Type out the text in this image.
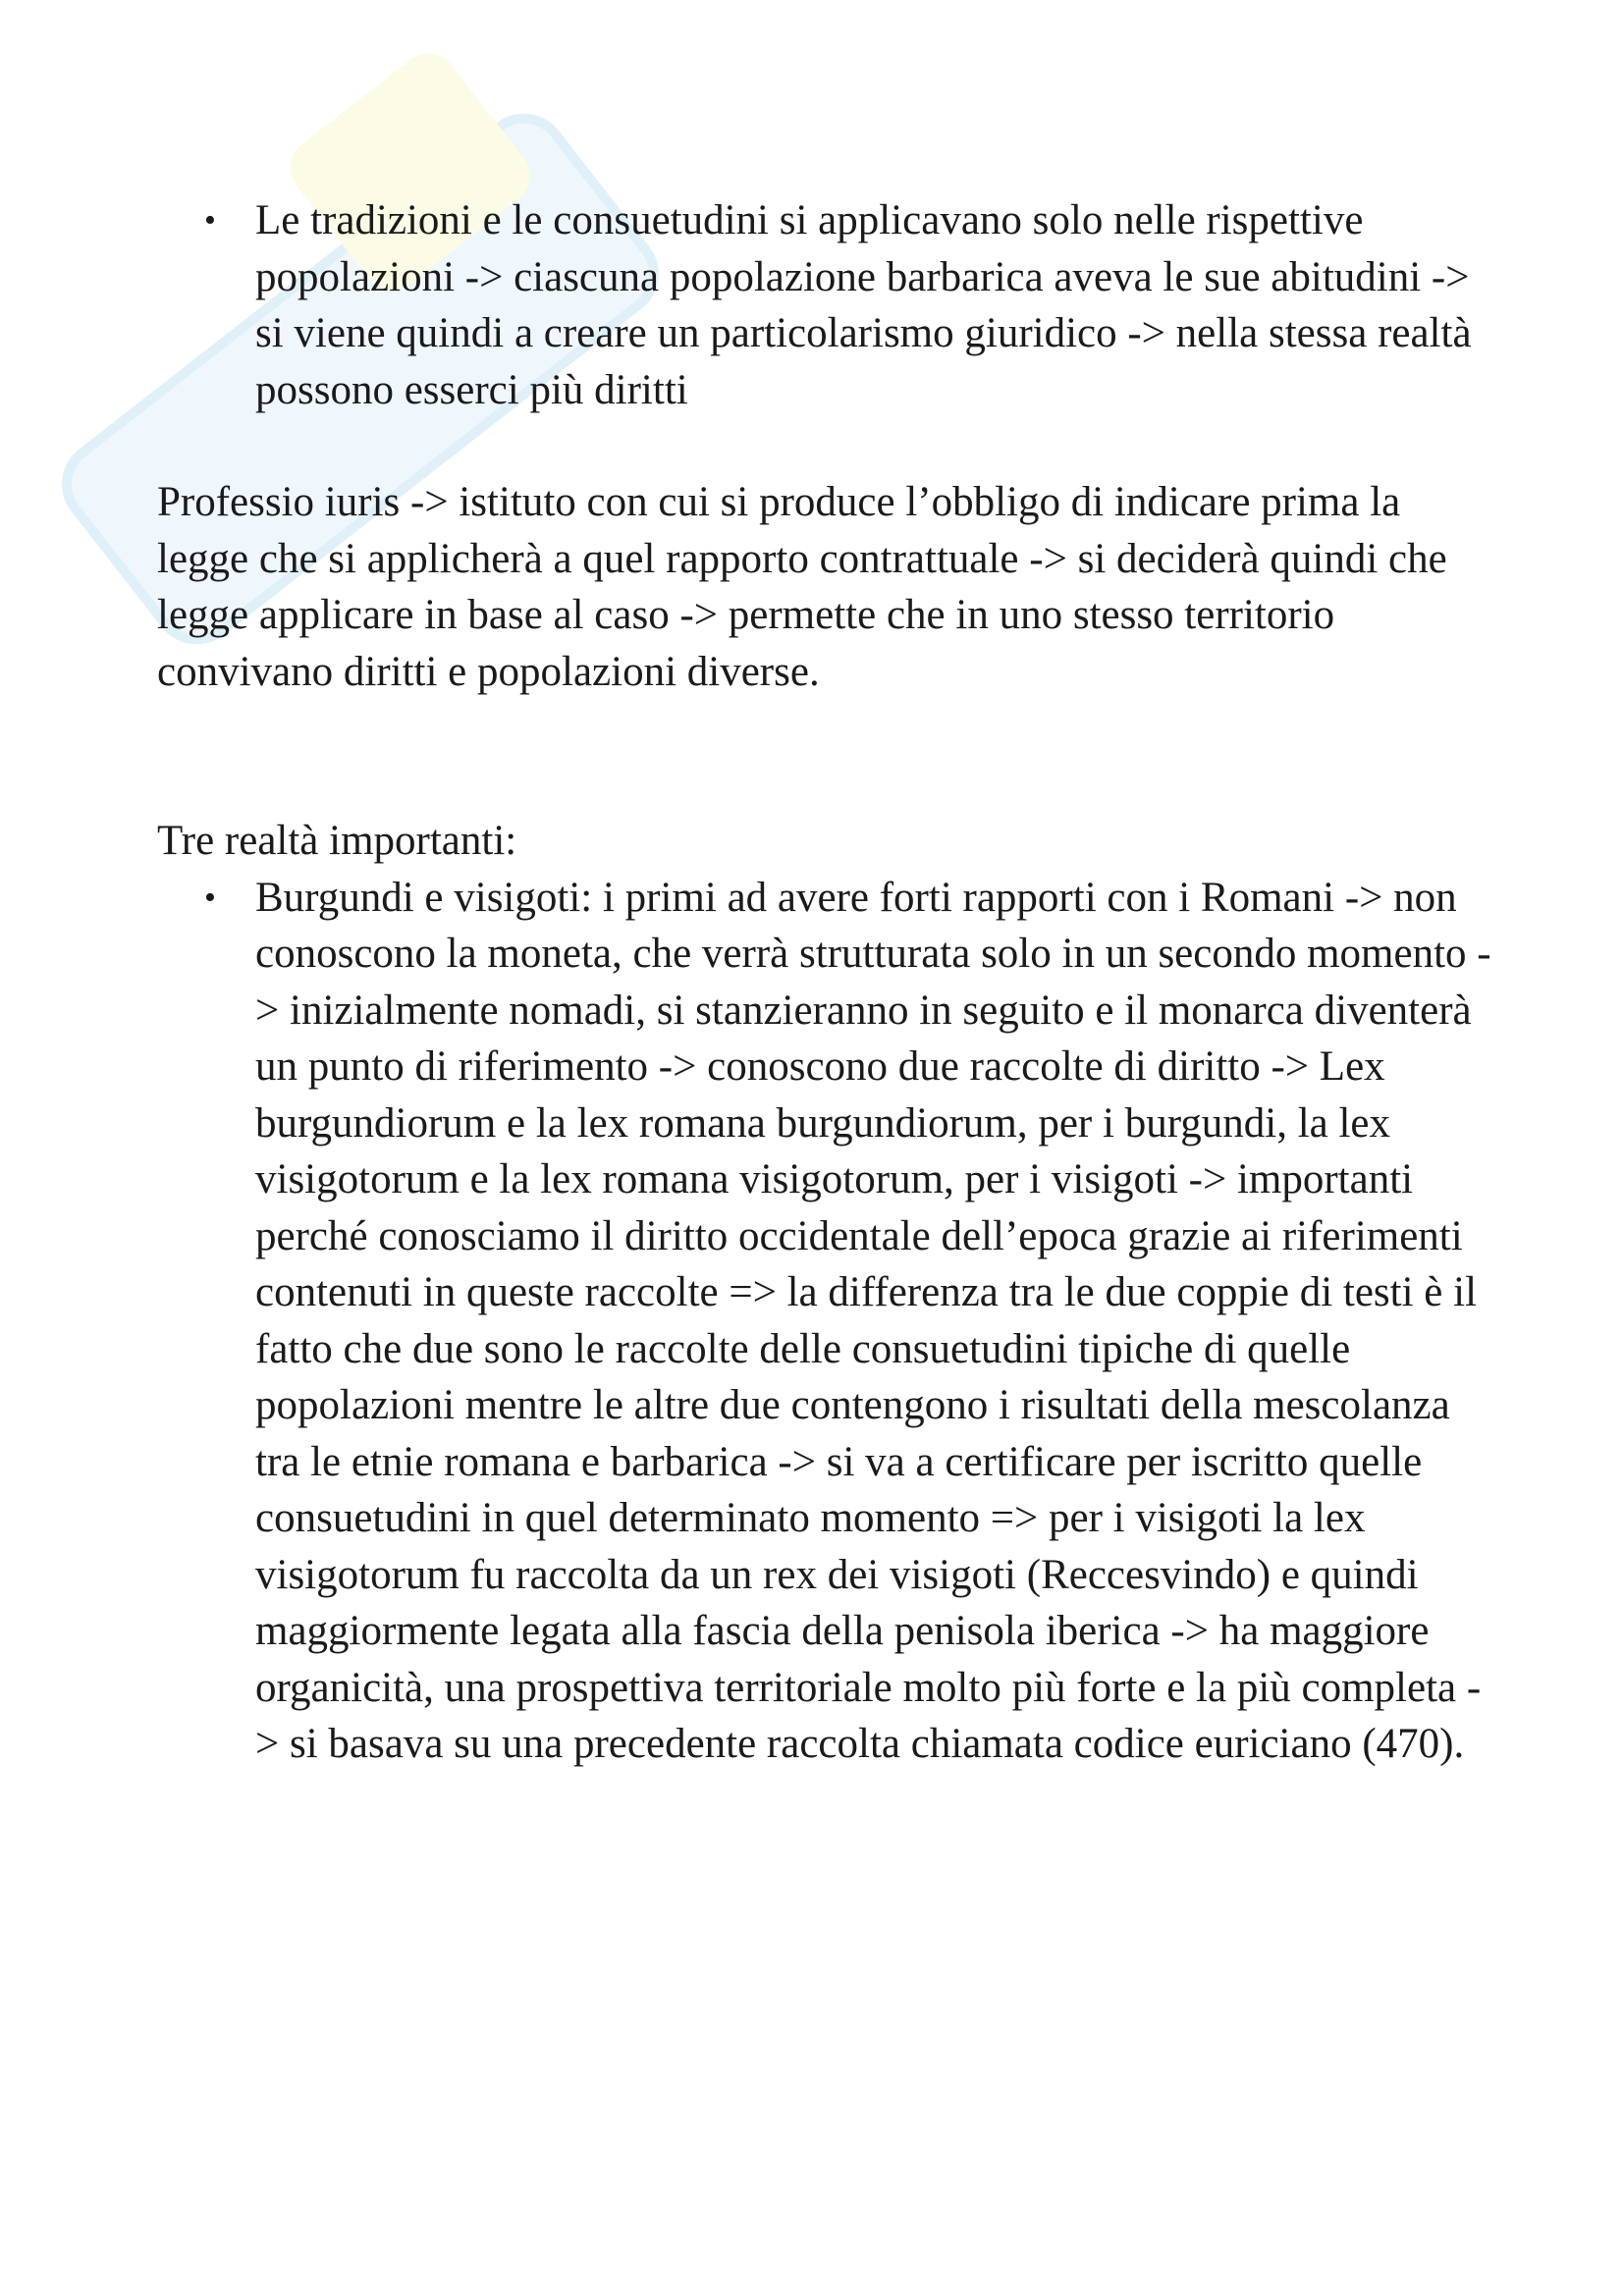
• Le tradizioni e le consuetudini si applicavano solo nelle rispettive popolazioni -> ciascuna popolazione barbarica aveva le sue abitudini -> si viene quindi a creare un particolarismo giuridico -> nella stessa realtà possono esserci più diritti

Professio iuris -> istituto con cui si produce l’obbligo di indicare prima la legge che si applicherà a quel rapporto contrattuale -> si deciderà quindi che legge applicare in base al caso -> permette che in uno stesso territorio convivano diritti e popolazioni diverse.

Tre realtà importanti:

• Burgundi e visigoti: i primi ad avere forti rapporti con i Romani -> non conoscono la moneta, che verrà strutturata solo in un secondo momento -> inizialmente nomadi, si stanzieranno in seguito e il monarca diventerà un punto di riferimento -> conoscono due raccolte di diritto -> Lex burgundiorum e la lex romana burgundiorum, per i burgundi, la lex visigotorum e la lex romana visigotorum, per i visigoti -> importanti perché conosciamo il diritto occidentale dell’epoca grazie ai riferimenti contenuti in queste raccolte => la differenza tra le due coppie di testi è il fatto che due sono le raccolte delle consuetudini tipiche di quelle popolazioni mentre le altre due contengono i risultati della mescolanza tra le etnie romana e barbarica -> si va a certificare per iscritto quelle consuetudini in quel determinato momento => per i visigoti la lex visigotorum fu raccolta da un rex dei visigoti (Reccesvindo) e quindi maggiormente legata alla fascia della penisola iberica -> ha maggiore organicità, una prospettiva territoriale molto più forte e la più completa -> si basava su una precedente raccolta chiamata codice euriciano (470).
